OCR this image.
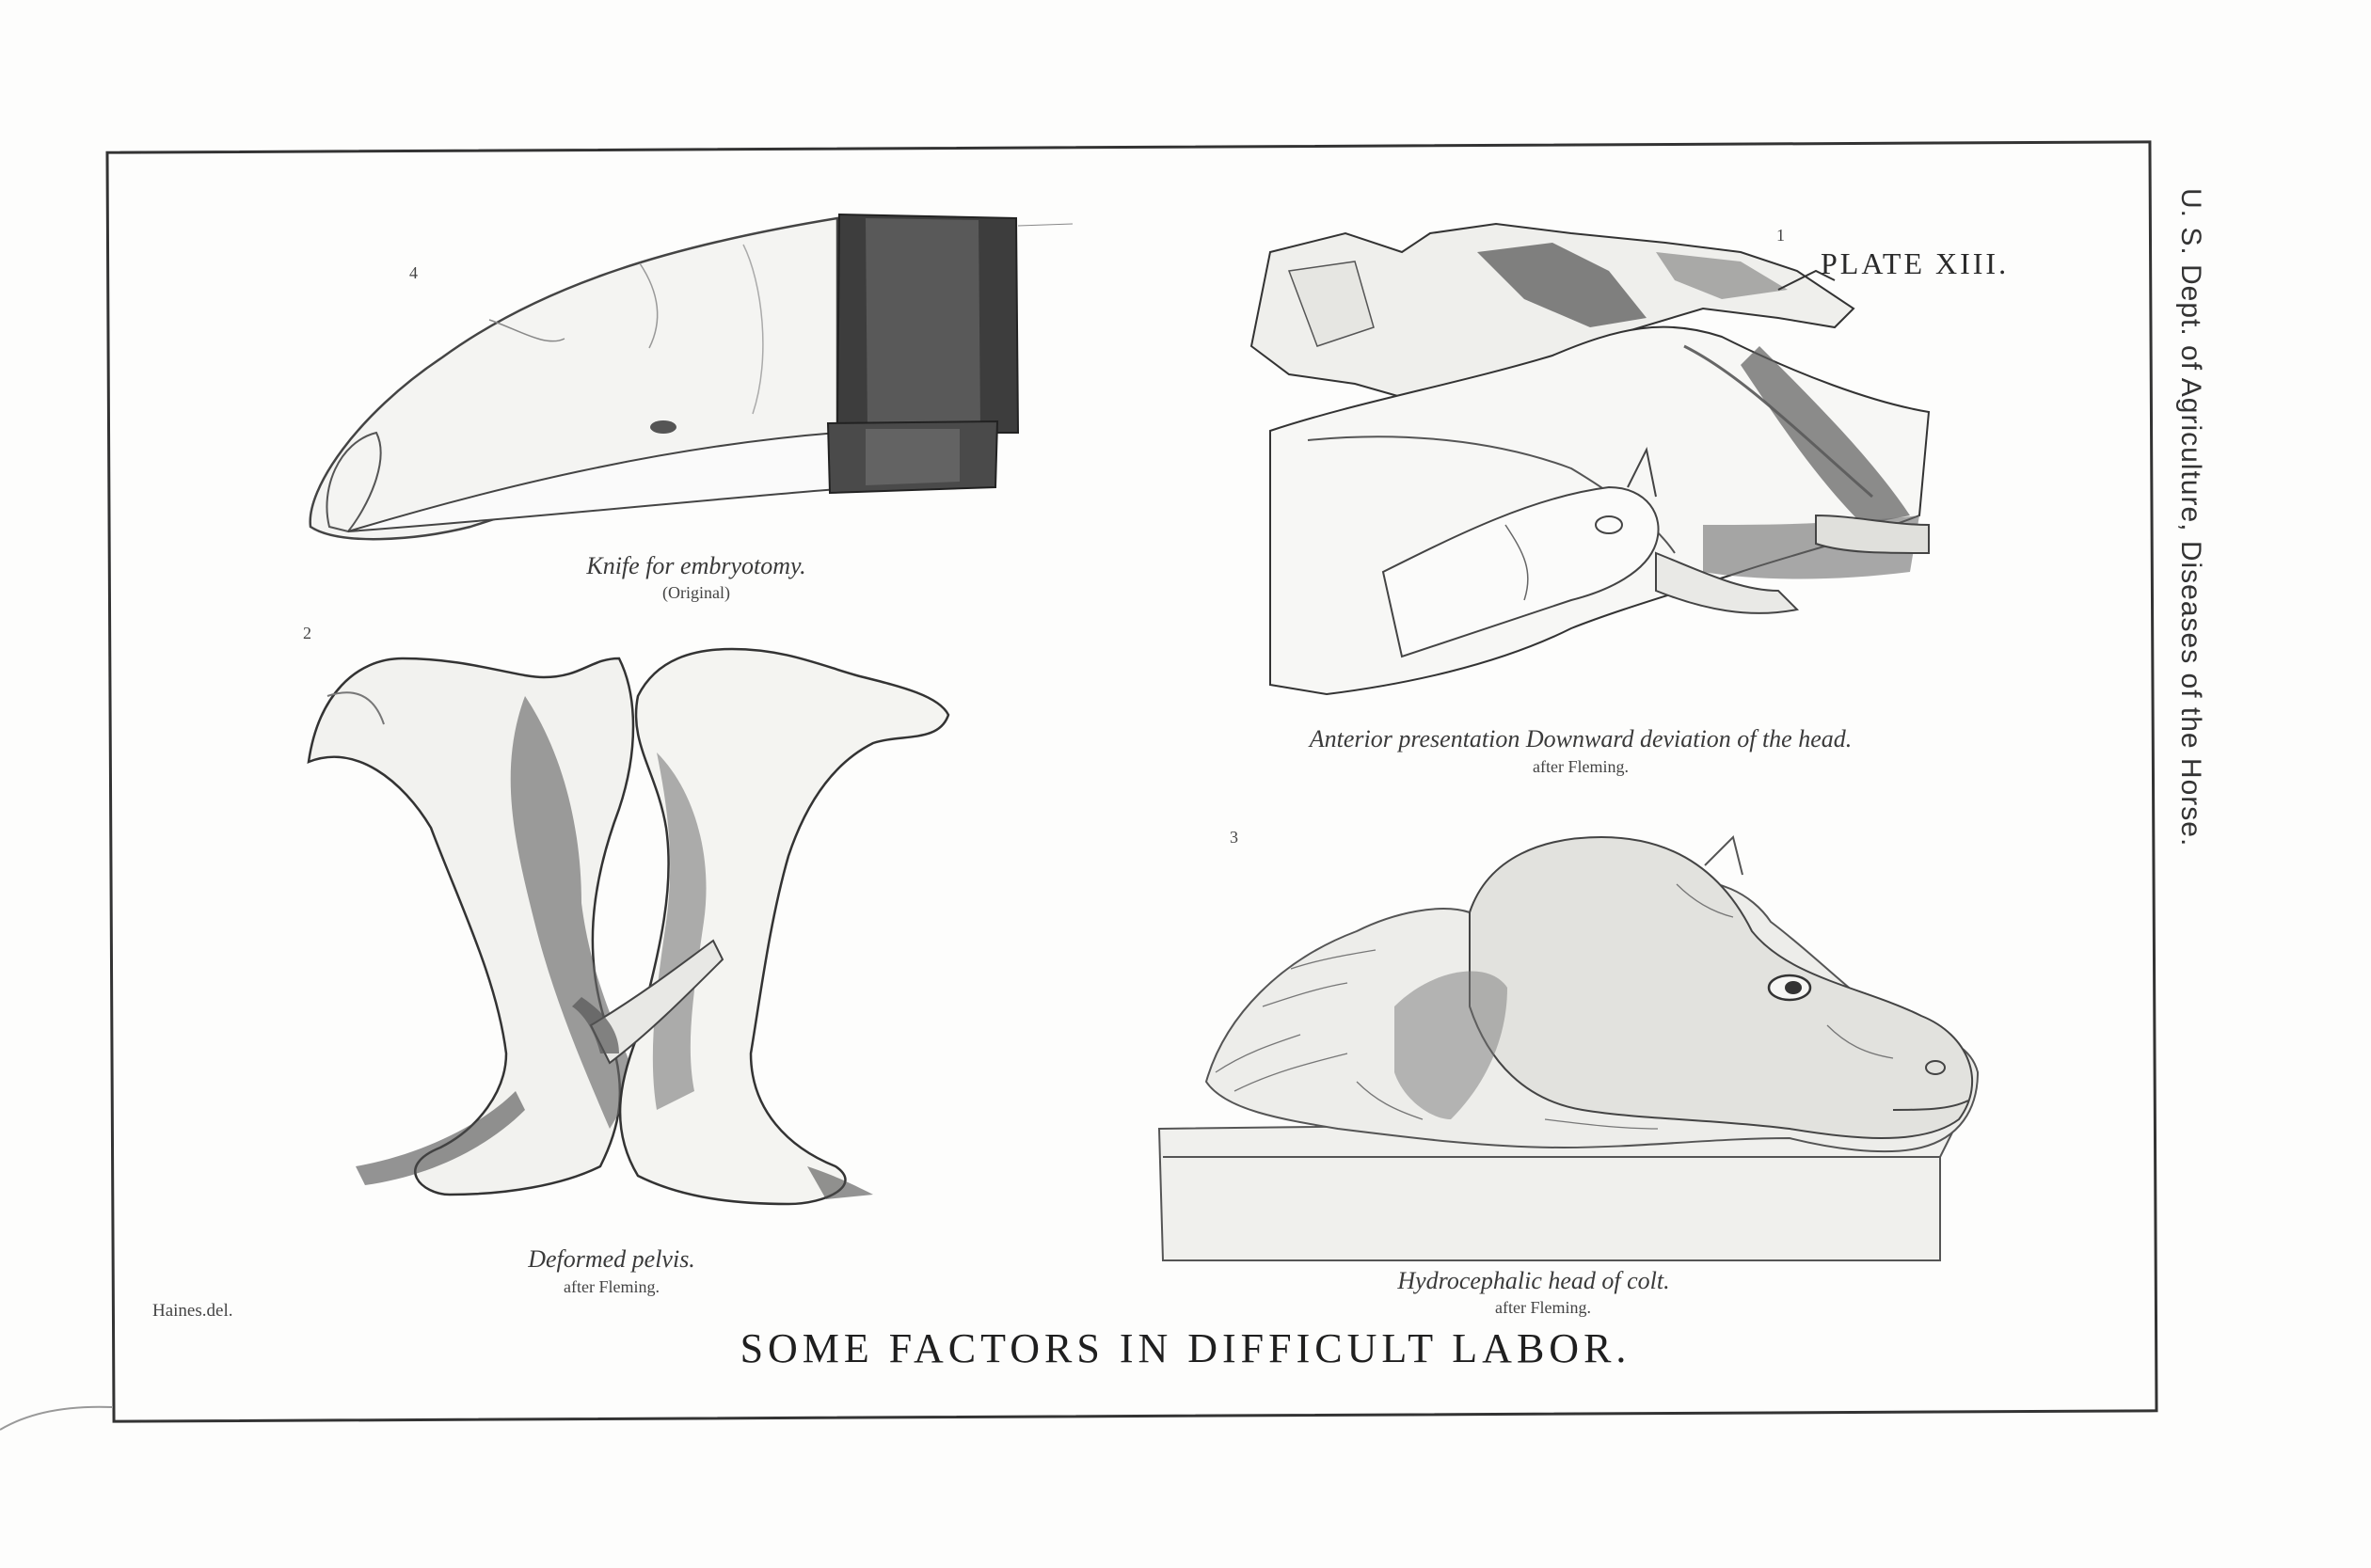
PLATE XIII.	U. S. Dept. of Agriculture, Diseases of the Horse.
4
Knife for embryotomy.
(Original)
1
Anterior presentation Downward deviation of the head.
after Fleming.
2
Deformed pelvis.
after Fleming.
3
Hydrocephalic head of colt.
after Fleming.
Haines.del.
SOME FACTORS IN DIFFICULT LABOR.
